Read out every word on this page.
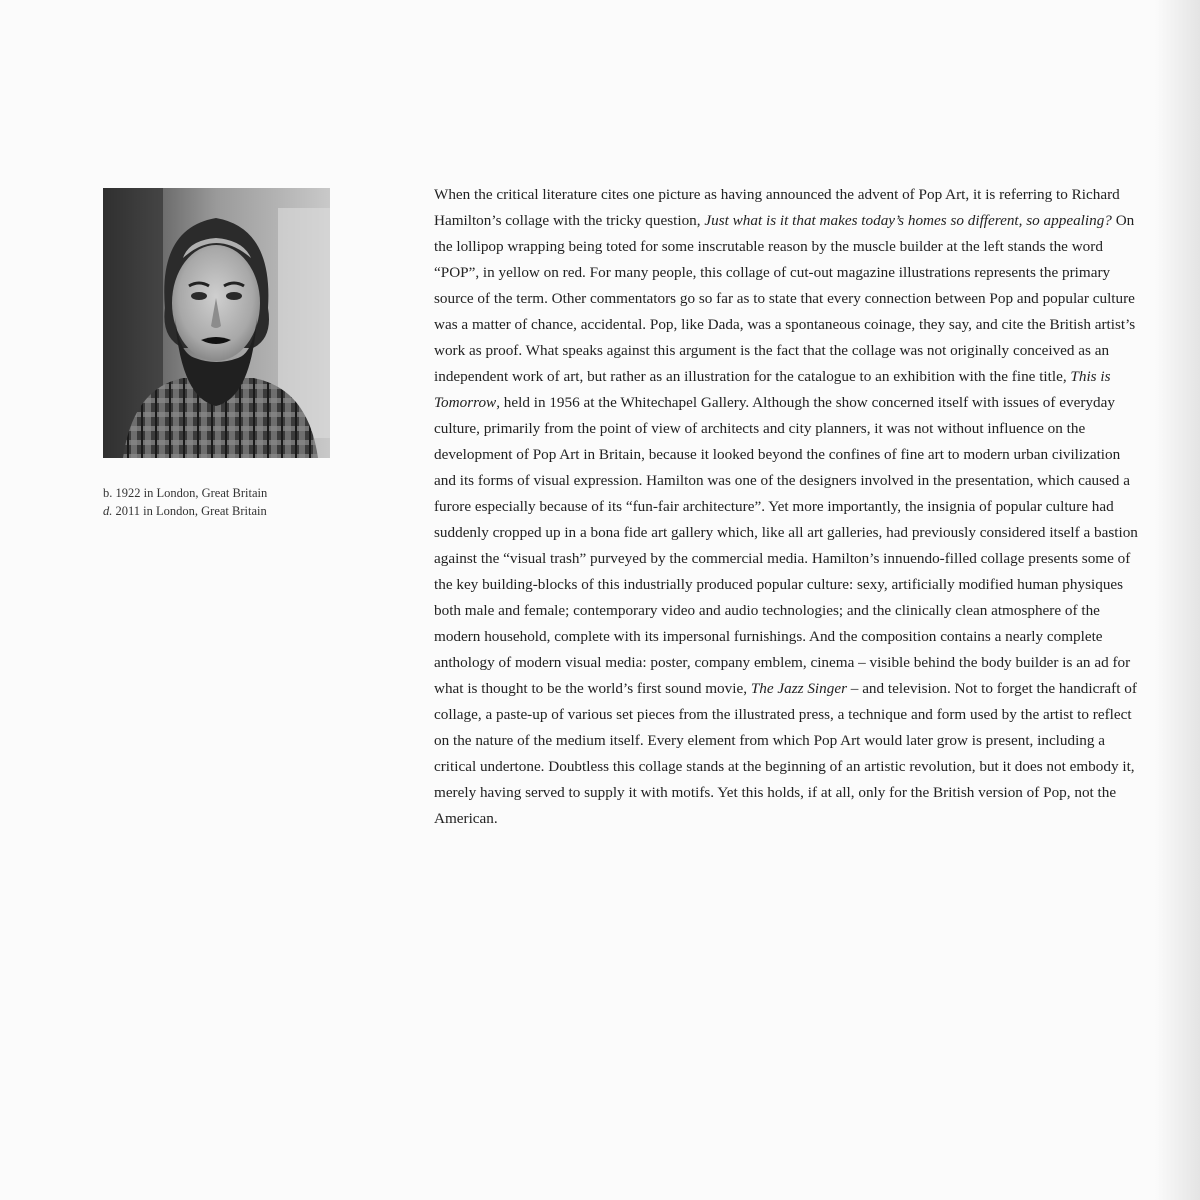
b. 1922 in London, Great Britain
d. 2011 in London, Great Britain

When the critical literature cites one picture as having announced the advent of Pop Art, it is referring to Richard Hamilton’s collage with the tricky question, Just what is it that makes today’s homes so different, so appealing? On the lollipop wrapping being toted for some inscrutable reason by the muscle builder at the left stands the word “POP”, in yellow on red. For many people, this collage of cut-out magazine illustrations represents the primary source of the term. Other commentators go so far as to state that every connection between Pop and popular culture was a matter of chance, accidental. Pop, like Dada, was a spontaneous coinage, they say, and cite the British artist’s work as proof. What speaks against this argument is the fact that the collage was not originally conceived as an independent work of art, but rather as an illustration for the catalogue to an exhibition with the fine title, This is Tomorrow, held in 1956 at the Whitechapel Gallery. Although the show concerned itself with issues of everyday culture, primarily from the point of view of architects and city planners, it was not without influence on the development of Pop Art in Britain, because it looked beyond the confines of fine art to modern urban civilization and its forms of visual expression. Hamilton was one of the designers involved in the presentation, which caused a furore especially because of its “fun-fair architecture”. Yet more importantly, the insignia of popular culture had suddenly cropped up in a bona fide art gallery which, like all art galleries, had previously considered itself a bastion against the “visual trash” purveyed by the commercial media. Hamilton’s innuendo-filled collage presents some of the key building-blocks of this industrially produced popular culture: sexy, artificially modified human physiques both male and female; contemporary video and audio technologies; and the clinically clean atmosphere of the modern household, complete with its impersonal furnishings. And the composition contains a nearly complete anthology of modern visual media: poster, company emblem, cinema – visible behind the body builder is an ad for what is thought to be the world’s first sound movie, The Jazz Singer – and television. Not to forget the handicraft of collage, a paste-up of various set pieces from the illustrated press, a technique and form used by the artist to reflect on the nature of the medium itself. Every element from which Pop Art would later grow is present, including a critical undertone. Doubtless this collage stands at the beginning of an artistic revolution, but it does not embody it, merely having served to supply it with motifs. Yet this holds, if at all, only for the British version of Pop, not the American.
